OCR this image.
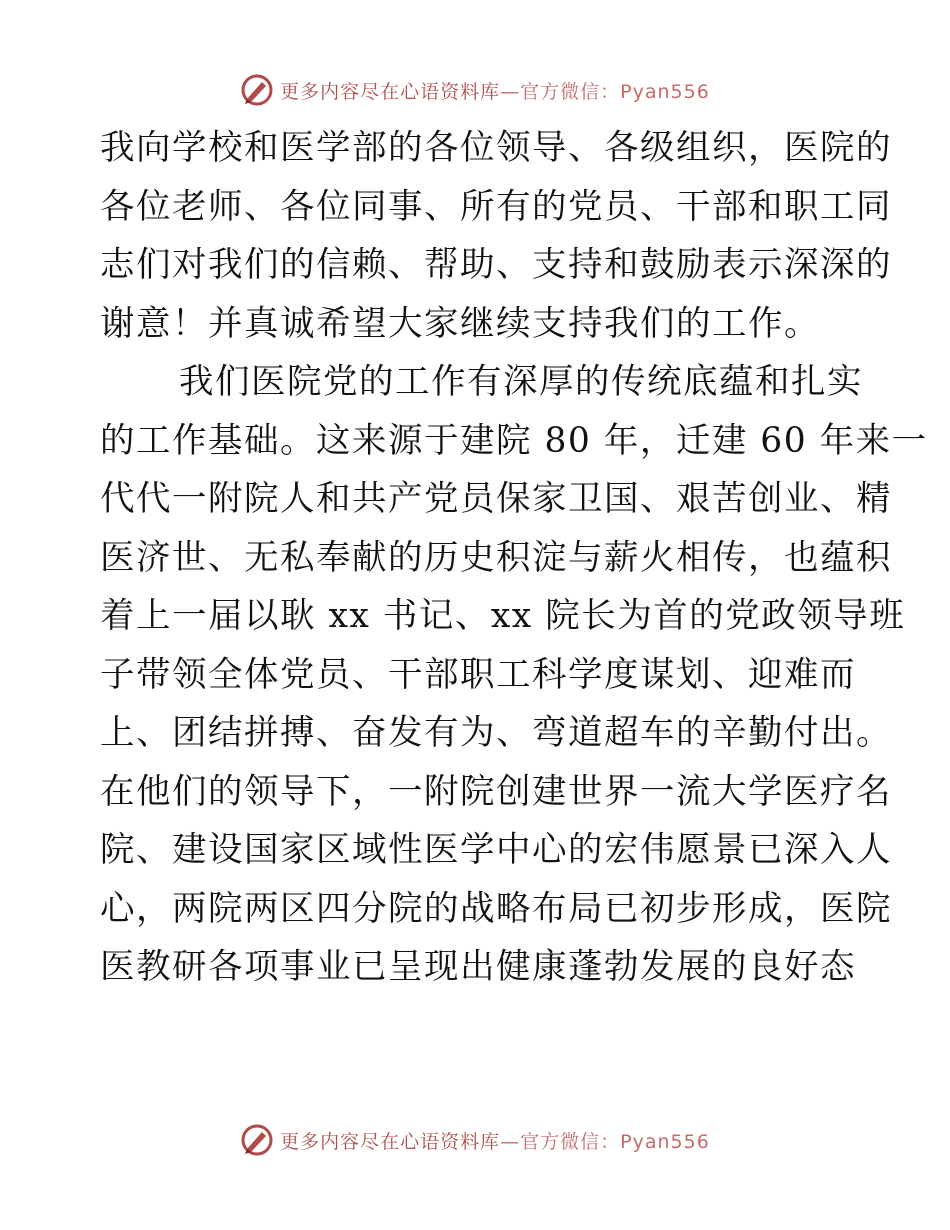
更多内容尽在心语资料库—官方微信：Pyan556

我向学校和医学部的各位领导、各级组织，医院的
各位老师、各位同事、所有的党员、干部和职工同
志们对我们的信赖、帮助、支持和鼓励表示深深的
谢意！并真诚希望大家继续支持我们的工作。

我们医院党的工作有深厚的传统底蕴和扎实
的工作基础。这来源于建院 80 年，迁建 60 年来一
代代一附院人和共产党员保家卫国、艰苦创业、精
医济世、无私奉献的历史积淀与薪火相传，也蕴积
着上一届以耿 xx 书记、xx 院长为首的党政领导班
子带领全体党员、干部职工科学度谋划、迎难而
上、团结拼搏、奋发有为、弯道超车的辛勤付出。
在他们的领导下，一附院创建世界一流大学医疗名
院、建设国家区域性医学中心的宏伟愿景已深入人
心，两院两区四分院的战略布局已初步形成，医院
医教研各项事业已呈现出健康蓬勃发展的良好态

更多内容尽在心语资料库—官方微信：Pyan556
